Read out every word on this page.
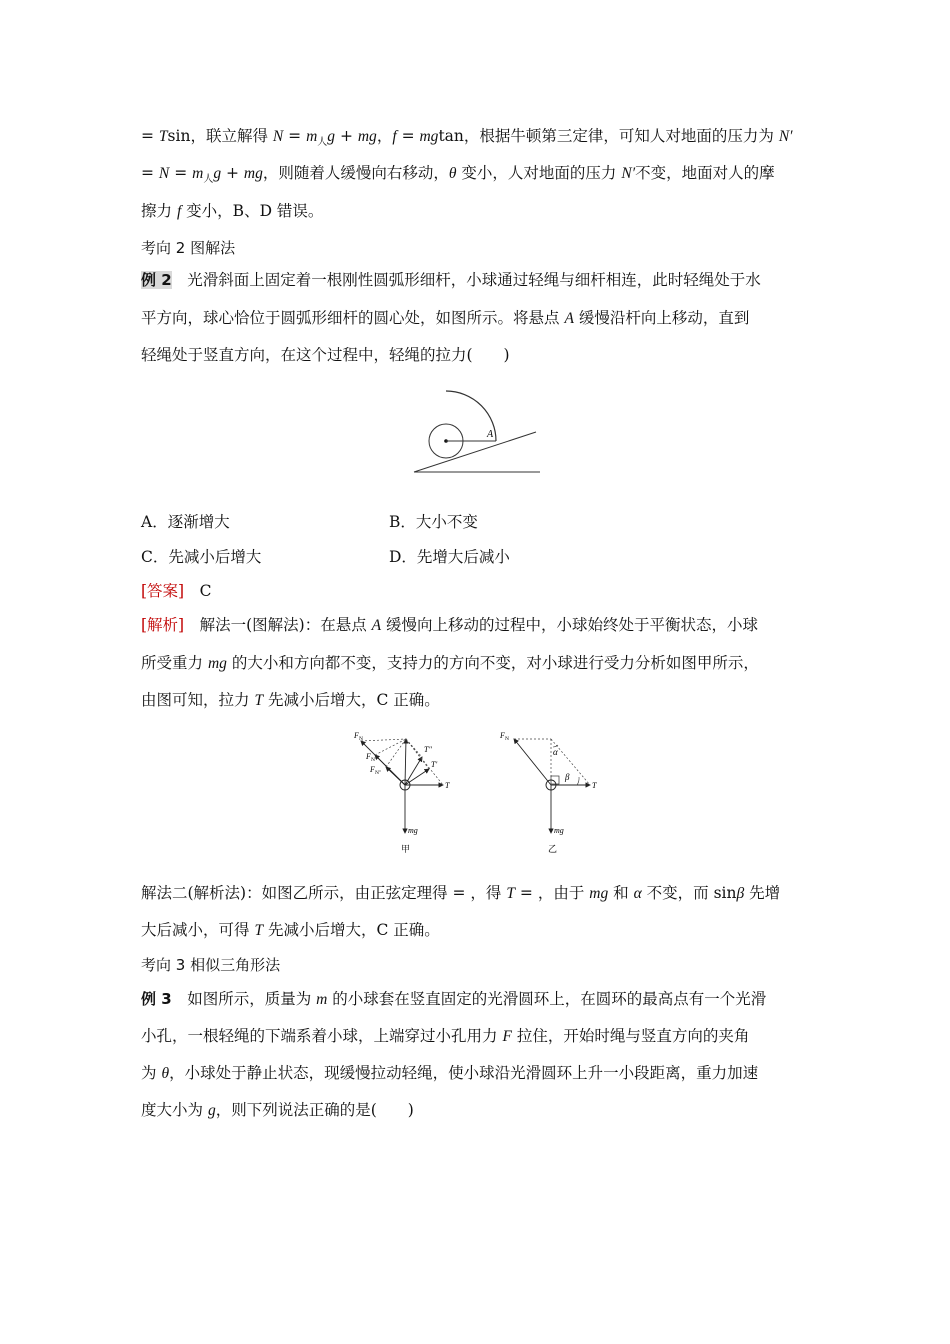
= Tsin，联立解得 $N = m_人g$ + mg，f = mgtan，根据牛顿第三定律，可知人对地面的压力为 N′
= $N = m_人g$ + mg，则随着人缓慢向右移动，θ 变小，人对地面的压力 N′不变，地面对人的摩
擦力 f 变小，B、D 错误。
考向 2 图解法
例 2　 光滑斜面上固定着一根刚性圆弧形细杆，小球通过轻绳与细杆相连，此时轻绳处于水
平方向，球心恰位于圆弧形细杆的圆心处，如图所示。将悬点 A 缓慢沿杆向上移动，直到
轻绳处于竖直方向，在这个过程中，轻绳的拉力(　　)
A
A．逐渐增大	B．大小不变
C．先减小后增大	D．先增大后减小
[答案]　 C
[解析]　 解法一(图解法)：在悬点 A 缓慢向上移动的过程中，小球始终处于平衡状态，小球
所受重力 mg 的大小和方向都不变，支持力的方向不变，对小球进行受力分析如图甲所示，
由图可知，拉力 T 先减小后增大，C 正确。
F N
F N′
F N″
T″
T′
T
mg
甲
F N
α
β
T
mg
乙
解法二(解析法)：如图乙所示，由正弦定理得 = ，得 T = ，由于 mg 和 α 不变，而 sinβ 先增
大后减小，可得 T 先减小后增大，C 正确。
考向 3 相似三角形法
例 3　 如图所示，质量为 m 的小球套在竖直固定的光滑圆环上，在圆环的最高点有一个光滑
小孔，一根轻绳的下端系着小球，上端穿过小孔用力 F 拉住，开始时绳与竖直方向的夹角
为 θ，小球处于静止状态，现缓慢拉动轻绳，使小球沿光滑圆环上升一小段距离，重力加速
度大小为 g，则下列说法正确的是(　　)
